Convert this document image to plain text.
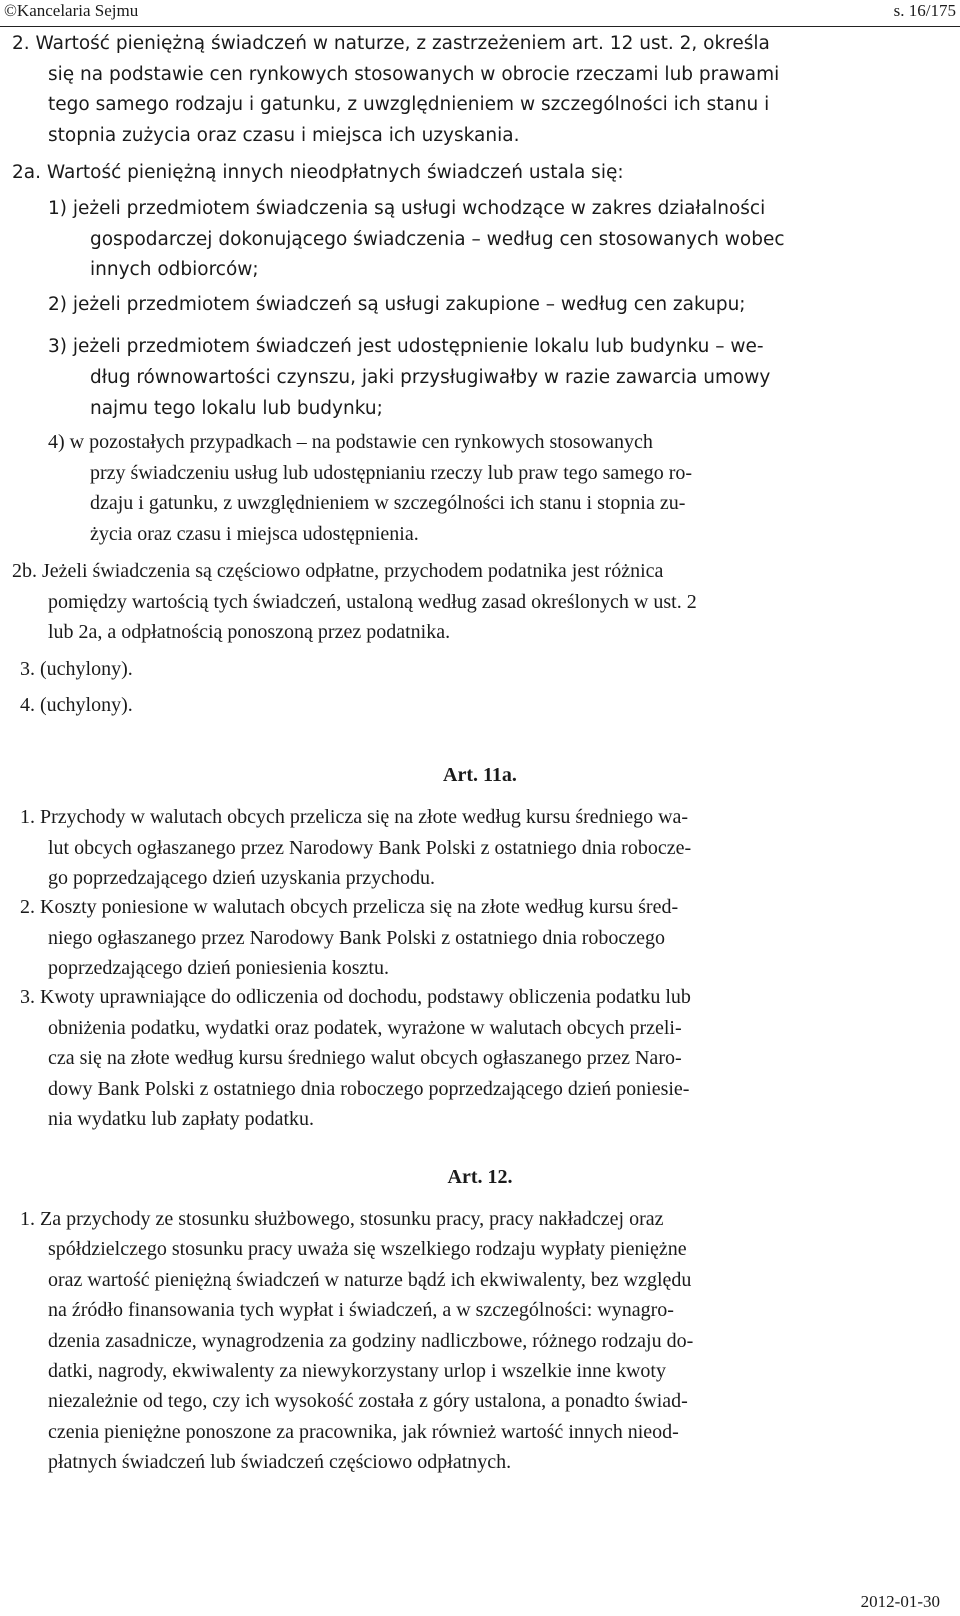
©Kancelaria Sejmu	s. 16/175

2. Wartość pieniężną świadczeń w naturze, z zastrzeżeniem art. 12 ust. 2, określa

się na podstawie cen rynkowych stosowanych w obrocie rzeczami lub prawami

tego samego rodzaju i gatunku, z uwzględnieniem w szczególności ich stanu i

stopnia zużycia oraz czasu i miejsca ich uzyskania.

2a. Wartość pieniężną innych nieodpłatnych świadczeń ustala się:

1) jeżeli przedmiotem świadczenia są usługi wchodzące w zakres działalności

gospodarczej dokonującego świadczenia – według cen stosowanych wobec

innych odbiorców;

2) jeżeli przedmiotem świadczeń są usługi zakupione – według cen zakupu;

3) jeżeli przedmiotem świadczeń jest udostępnienie lokalu lub budynku – we-

dług równowartości czynszu, jaki przysługiwałby w razie zawarcia umowy

najmu tego lokalu lub budynku;

4) w pozostałych przypadkach – na podstawie cen rynkowych stosowanych

przy świadczeniu usług lub udostępnianiu rzeczy lub praw tego samego ro-

dzaju i gatunku, z uwzględnieniem w szczególności ich stanu i stopnia zu-

życia oraz czasu i miejsca udostępnienia.

2b. Jeżeli świadczenia są częściowo odpłatne, przychodem podatnika jest różnica

pomiędzy wartością tych świadczeń, ustaloną według zasad określonych w ust. 2

lub 2a, a odpłatnością ponoszoną przez podatnika.

3. (uchylony).

4. (uchylony).

Art. 11a.

1. Przychody w walutach obcych przelicza się na złote według kursu średniego wa-

lut obcych ogłaszanego przez Narodowy Bank Polski z ostatniego dnia robocze-

go poprzedzającego dzień uzyskania przychodu.

2. Koszty poniesione w walutach obcych przelicza się na złote według kursu śred-

niego ogłaszanego przez Narodowy Bank Polski z ostatniego dnia roboczego

poprzedzającego dzień poniesienia kosztu.

3. Kwoty uprawniające do odliczenia od dochodu, podstawy obliczenia podatku lub

obniżenia podatku, wydatki oraz podatek, wyrażone w walutach obcych przeli-

cza się na złote według kursu średniego walut obcych ogłaszanego przez Naro-

dowy Bank Polski z ostatniego dnia roboczego poprzedzającego dzień poniesie-

nia wydatku lub zapłaty podatku.

Art. 12.

1. Za przychody ze stosunku służbowego, stosunku pracy, pracy nakładczej oraz

spółdzielczego stosunku pracy uważa się wszelkiego rodzaju wypłaty pieniężne

oraz wartość pieniężną świadczeń w naturze bądź ich ekwiwalenty, bez względu

na źródło finansowania tych wypłat i świadczeń, a w szczególności: wynagro-

dzenia zasadnicze, wynagrodzenia za godziny nadliczbowe, różnego rodzaju do-

datki, nagrody, ekwiwalenty za niewykorzystany urlop i wszelkie inne kwoty

niezależnie od tego, czy ich wysokość została z góry ustalona, a ponadto świad-

czenia pieniężne ponoszone za pracownika, jak również wartość innych nieod-

płatnych świadczeń lub świadczeń częściowo odpłatnych.

2012-01-30
